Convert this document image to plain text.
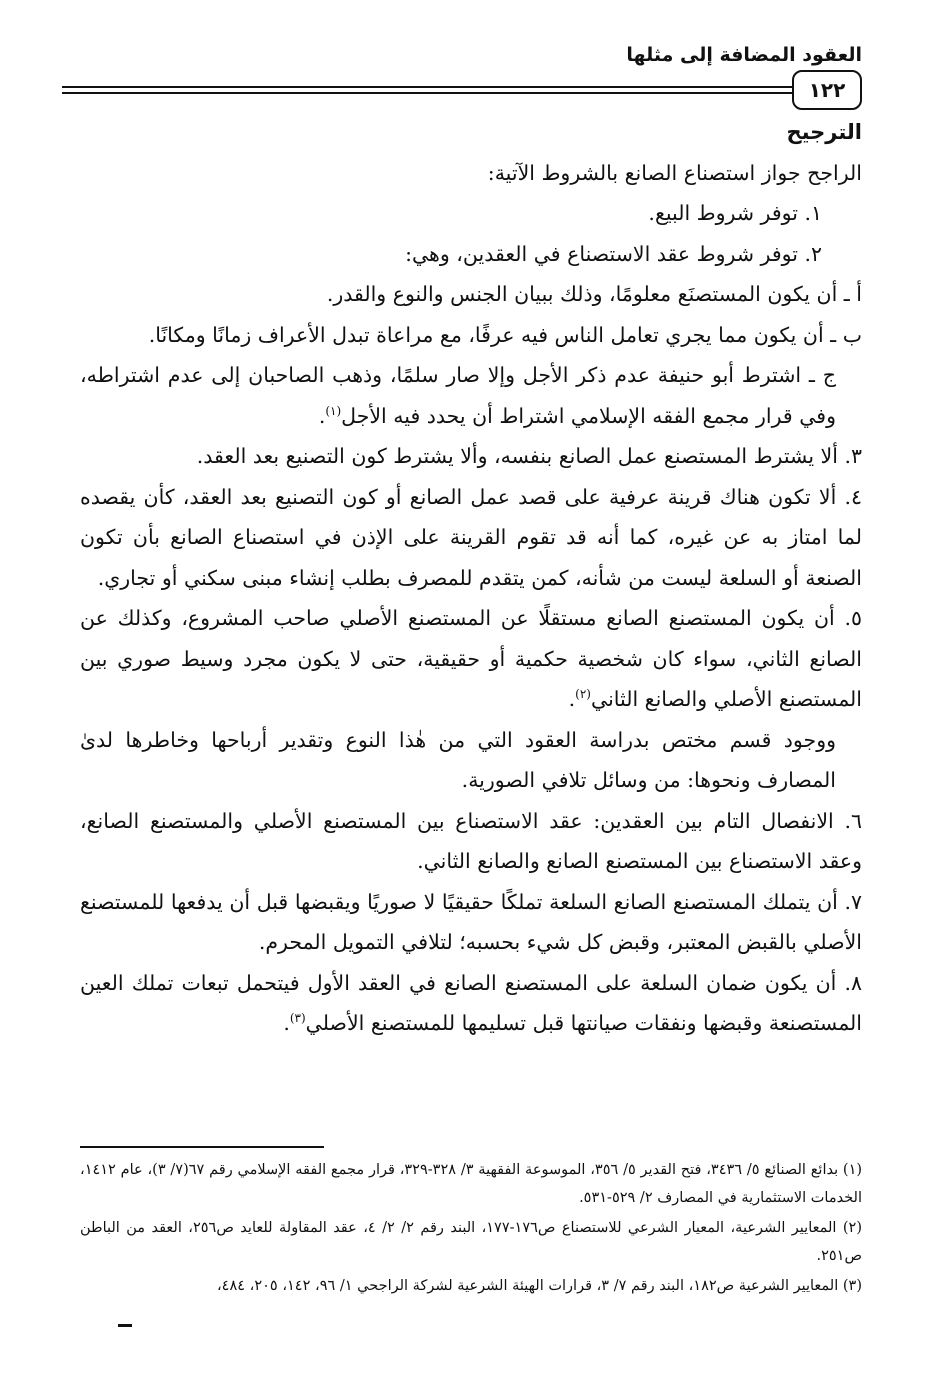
العقود المضافة إلى مثلها
١٢٢

الترجيح

الراجح جواز استصناع الصانع بالشروط الآتية:

١. توفر شروط البيع.

٢. توفر شروط عقد الاستصناع في العقدين، وهي:

أ ـ أن يكون المستصنَع معلومًا، وذلك ببيان الجنس والنوع والقدر.

ب ـ أن يكون مما يجري تعامل الناس فيه عرفًا، مع مراعاة تبدل الأعراف زمانًا ومكانًا.

ج ـ اشترط أبو حنيفة عدم ذكر الأجل وإلا صار سلمًا، وذهب الصاحبان إلى عدم اشتراطه، وفي قرار مجمع الفقه الإسلامي اشتراط أن يحدد فيه الأجل$^{(١)}$.

٣. ألا يشترط المستصنع عمل الصانع بنفسه، وألا يشترط كون التصنيع بعد العقد.

٤. ألا تكون هناك قرينة عرفية على قصد عمل الصانع أو كون التصنيع بعد العقد، كأن يقصده لما امتاز به عن غيره، كما أنه قد تقوم القرينة على الإذن في استصناع الصانع بأن تكون الصنعة أو السلعة ليست من شأنه، كمن يتقدم للمصرف بطلب إنشاء مبنى سكني أو تجاري.

٥. أن يكون المستصنع الصانع مستقلًا عن المستصنع الأصلي صاحب المشروع، وكذلك عن الصانع الثاني، سواء كان شخصية حكمية أو حقيقية، حتى لا يكون مجرد وسيط صوري بين المستصنع الأصلي والصانع الثاني$^{(٢)}$.

ووجود قسم مختص بدراسة العقود التي من هٰذا النوع وتقدير أرباحها وخاطرها لدىٰ المصارف ونحوها: من وسائل تلافي الصورية.

٦. الانفصال التام بين العقدين: عقد الاستصناع بين المستصنع الأصلي والمستصنع الصانع، وعقد الاستصناع بين المستصنع الصانع والصانع الثاني.

٧. أن يتملك المستصنع الصانع السلعة تملكًا حقيقيًا لا صوريًا ويقبضها قبل أن يدفعها للمستصنع الأصلي بالقبض المعتبر، وقبض كل شيء بحسبه؛ لتلافي التمويل المحرم.

٨. أن يكون ضمان السلعة على المستصنع الصانع في العقد الأول فيتحمل تبعات تملك العين المستصنعة وقبضها ونفقات صيانتها قبل تسليمها للمستصنع الأصلي$^{(٣)}$.

(١) بدائع الصنائع ٥/ ٣٤٣٦، فتح القدير ٥/ ٣٥٦، الموسوعة الفقهية ٣/ ٣٢٨-٣٢٩، قرار مجمع الفقه الإسلامي رقم ٦٧(٧/ ٣)، عام ١٤١٢، الخدمات الاستثمارية في المصارف ٢/ ٥٢٩-٥٣١.

(٢) المعايير الشرعية، المعيار الشرعي للاستصناع ص١٧٦-١٧٧، البند رقم ٢/ ٢/ ٤، عقد المقاولة للعايد ص٢٥٦، العقد من الباطن ص٢٥١.

(٣) المعايير الشرعية ص١٨٢، البند رقم ٧/ ٣، قرارات الهيئة الشرعية لشركة الراجحي ١/ ٩٦، ١٤٢، ٢٠٥، ٤٨٤،
